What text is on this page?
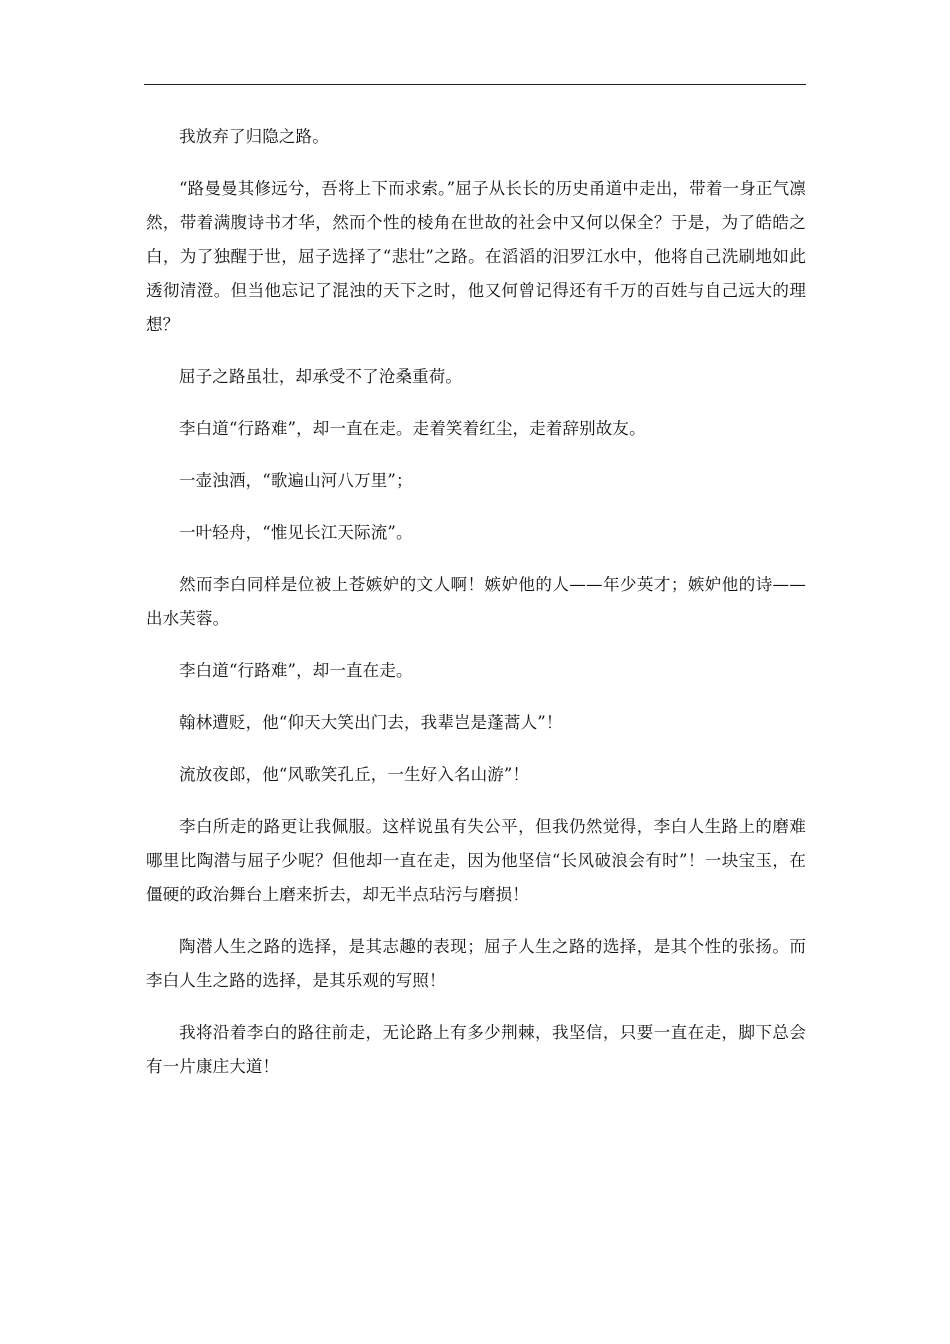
我放弃了归隐之路。

“路曼曼其修远兮，吾将上下而求索。”屈子从长长的历史甬道中走出，带着一身正气凛然，带着满腹诗书才华，然而个性的棱角在世故的社会中又何以保全？于是，为了皓皓之白，为了独醒于世，屈子选择了“悲壮”之路。在滔滔的汨罗江水中，他将自己洗刷地如此透彻清澄。但当他忘记了混浊的天下之时，他又何曾记得还有千万的百姓与自己远大的理想？

屈子之路虽壮，却承受不了沧桑重荷。

李白道“行路难”，却一直在走。走着笑着红尘，走着辞别故友。

一壶浊酒，“歌遍山河八万里”；

一叶轻舟，“惟见长江天际流”。

然而李白同样是位被上苍嫉妒的文人啊！嫉妒他的人——年少英才；嫉妒他的诗——出水芙蓉。

李白道“行路难”，却一直在走。

翰林遭贬，他“仰天大笑出门去，我辈岂是蓬蒿人”！

流放夜郎，他“风歌笑孔丘，一生好入名山游”！

李白所走的路更让我佩服。这样说虽有失公平，但我仍然觉得，李白人生路上的磨难哪里比陶潜与屈子少呢？但他却一直在走，因为他坚信“长风破浪会有时”！一块宝玉，在僵硬的政治舞台上磨来折去，却无半点玷污与磨损！

陶潜人生之路的选择，是其志趣的表现；屈子人生之路的选择，是其个性的张扬。而李白人生之路的选择，是其乐观的写照！

我将沿着李白的路往前走，无论路上有多少荆棘，我坚信，只要一直在走，脚下总会有一片康庄大道！
